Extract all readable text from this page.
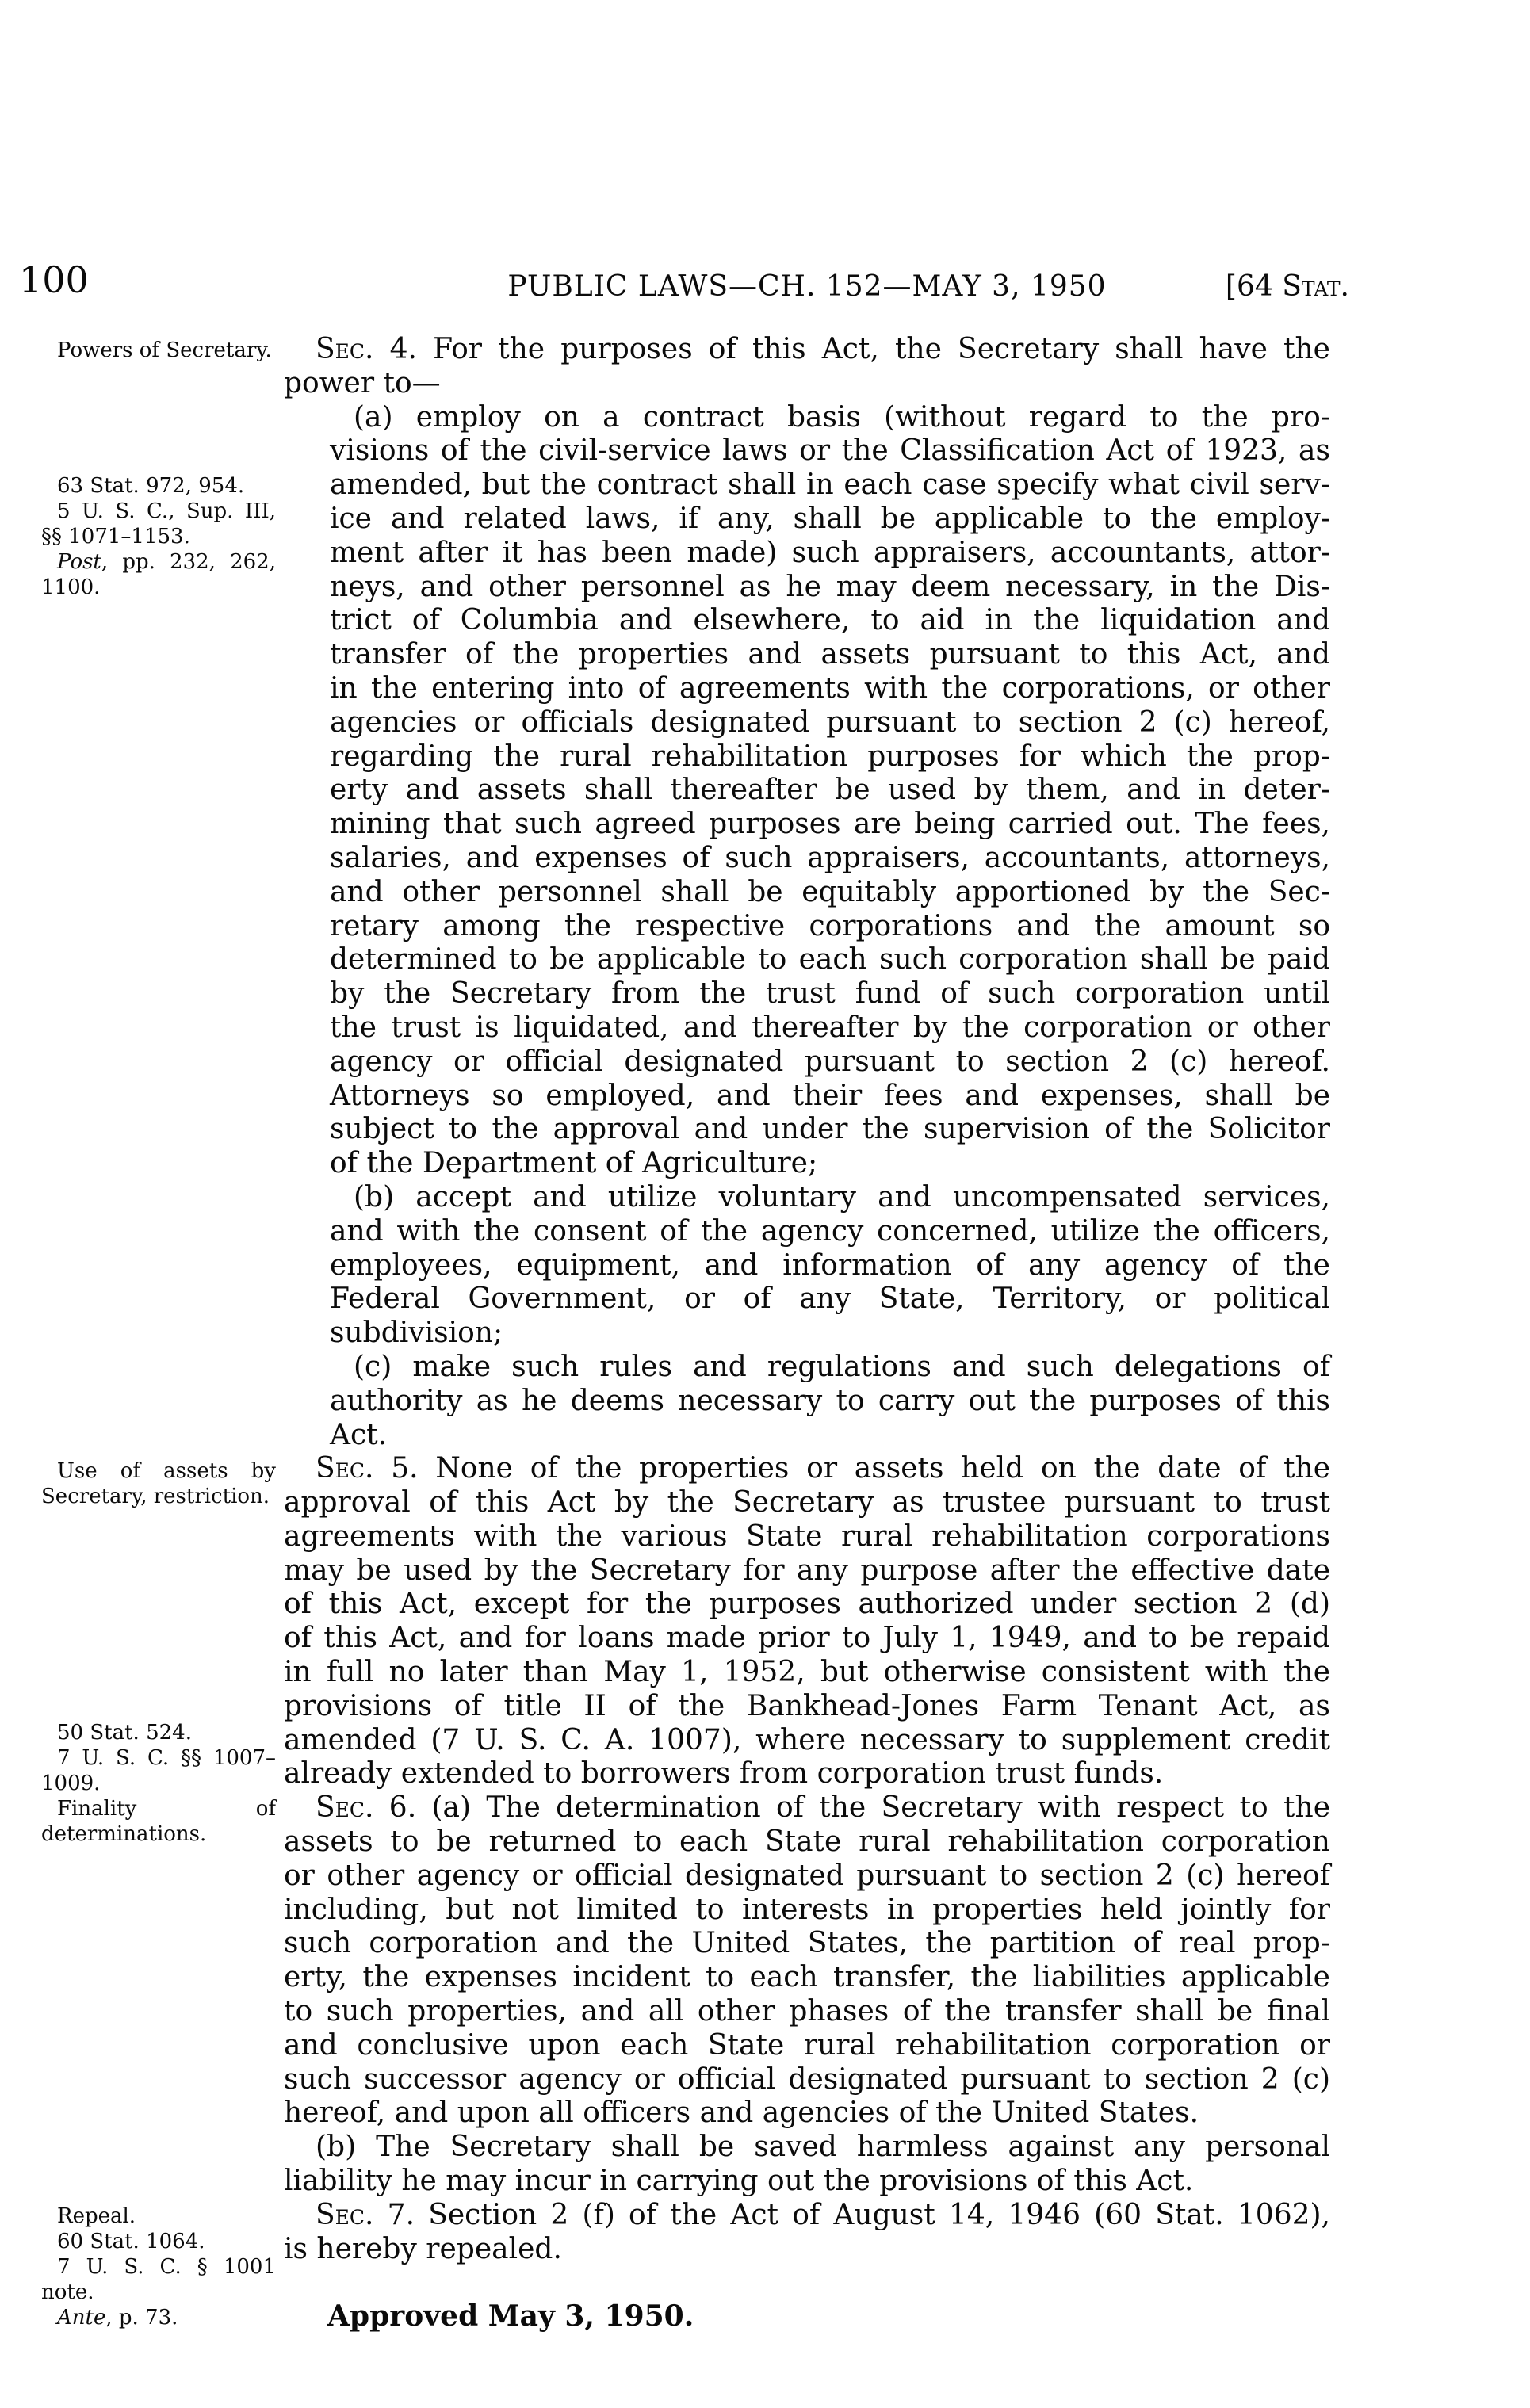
100	PUBLIC LAWS—CH. 152—MAY 3, 1950	[64 Stat.

Powers of Secretary.

63 Stat. 972, 954.

5 U. S. C., Sup. III, §§ 1071–1153.

Post, pp. 232, 262, 1100.

Use of assets by Secretary, restriction.

50 Stat. 524.

7 U. S. C. §§ 1007–1009.

Finality of determinations.

Repeal.

60 Stat. 1064.

7 U. S. C. § 1001 note.

Ante, p. 73.

Sec. 4. For the purposes of this Act, the Secretary shall have the
power to—
(a) employ on a contract basis (without regard to the pro-
visions of the civil-service laws or the Classification Act of 1923, as
amended, but the contract shall in each case specify what civil serv-
ice and related laws, if any, shall be applicable to the employ-
ment after it has been made) such appraisers, accountants, attor-
neys, and other personnel as he may deem necessary, in the Dis-
trict of Columbia and elsewhere, to aid in the liquidation and
transfer of the properties and assets pursuant to this Act, and
in the entering into of agreements with the corporations, or other
agencies or officials designated pursuant to section 2 (c) hereof,
regarding the rural rehabilitation purposes for which the prop-
erty and assets shall thereafter be used by them, and in deter-
mining that such agreed purposes are being carried out. The fees,
salaries, and expenses of such appraisers, accountants, attorneys,
and other personnel shall be equitably apportioned by the Sec-
retary among the respective corporations and the amount so
determined to be applicable to each such corporation shall be paid
by the Secretary from the trust fund of such corporation until
the trust is liquidated, and thereafter by the corporation or other
agency or official designated pursuant to section 2 (c) hereof.
Attorneys so employed, and their fees and expenses, shall be
subject to the approval and under the supervision of the Solicitor
of the Department of Agriculture;
(b) accept and utilize voluntary and uncompensated services,
and with the consent of the agency concerned, utilize the officers,
employees, equipment, and information of any agency of the
Federal Government, or of any State, Territory, or political
subdivision;
(c) make such rules and regulations and such delegations of
authority as he deems necessary to carry out the purposes of this
Act.
Sec. 5. None of the properties or assets held on the date of the
approval of this Act by the Secretary as trustee pursuant to trust
agreements with the various State rural rehabilitation corporations
may be used by the Secretary for any purpose after the effective date
of this Act, except for the purposes authorized under section 2 (d)
of this Act, and for loans made prior to July 1, 1949, and to be repaid
in full no later than May 1, 1952, but otherwise consistent with the
provisions of title II of the Bankhead-Jones Farm Tenant Act, as
amended (7 U. S. C. A. 1007), where necessary to supplement credit
already extended to borrowers from corporation trust funds.
Sec. 6. (a) The determination of the Secretary with respect to the
assets to be returned to each State rural rehabilitation corporation
or other agency or official designated pursuant to section 2 (c) hereof
including, but not limited to interests in properties held jointly for
such corporation and the United States, the partition of real prop-
erty, the expenses incident to each transfer, the liabilities applicable
to such properties, and all other phases of the transfer shall be final
and conclusive upon each State rural rehabilitation corporation or
such successor agency or official designated pursuant to section 2 (c)
hereof, and upon all officers and agencies of the United States.
(b) The Secretary shall be saved harmless against any personal
liability he may incur in carrying out the provisions of this Act.
Sec. 7. Section 2 (f) of the Act of August 14, 1946 (60 Stat. 1062),
is hereby repealed.

Approved May 3, 1950.
